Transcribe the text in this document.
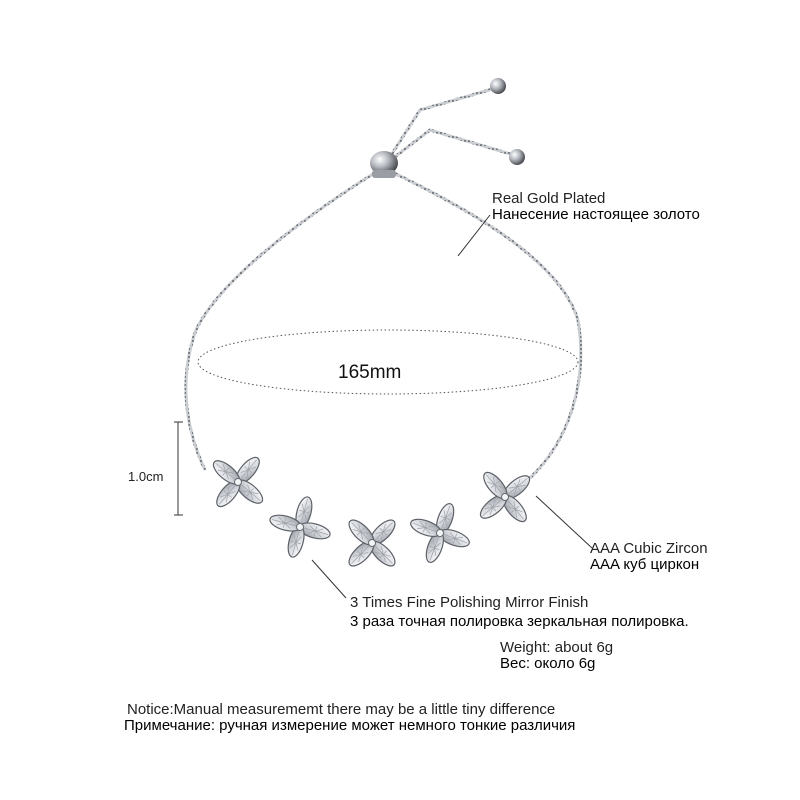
Real Gold Plated
Нанесение настоящее золото
165mm
1.0cm
AAA Cubic Zircon
AAA куб циркон
3 Times Fine Polishing Mirror Finish
3 раза точная полировка зеркальная полировка.
Weight: about 6g
Вес: около 6g
Notice:Manual measurememt there may be a little tiny difference
Примечание: ручная измерение может немного тонкие различия
